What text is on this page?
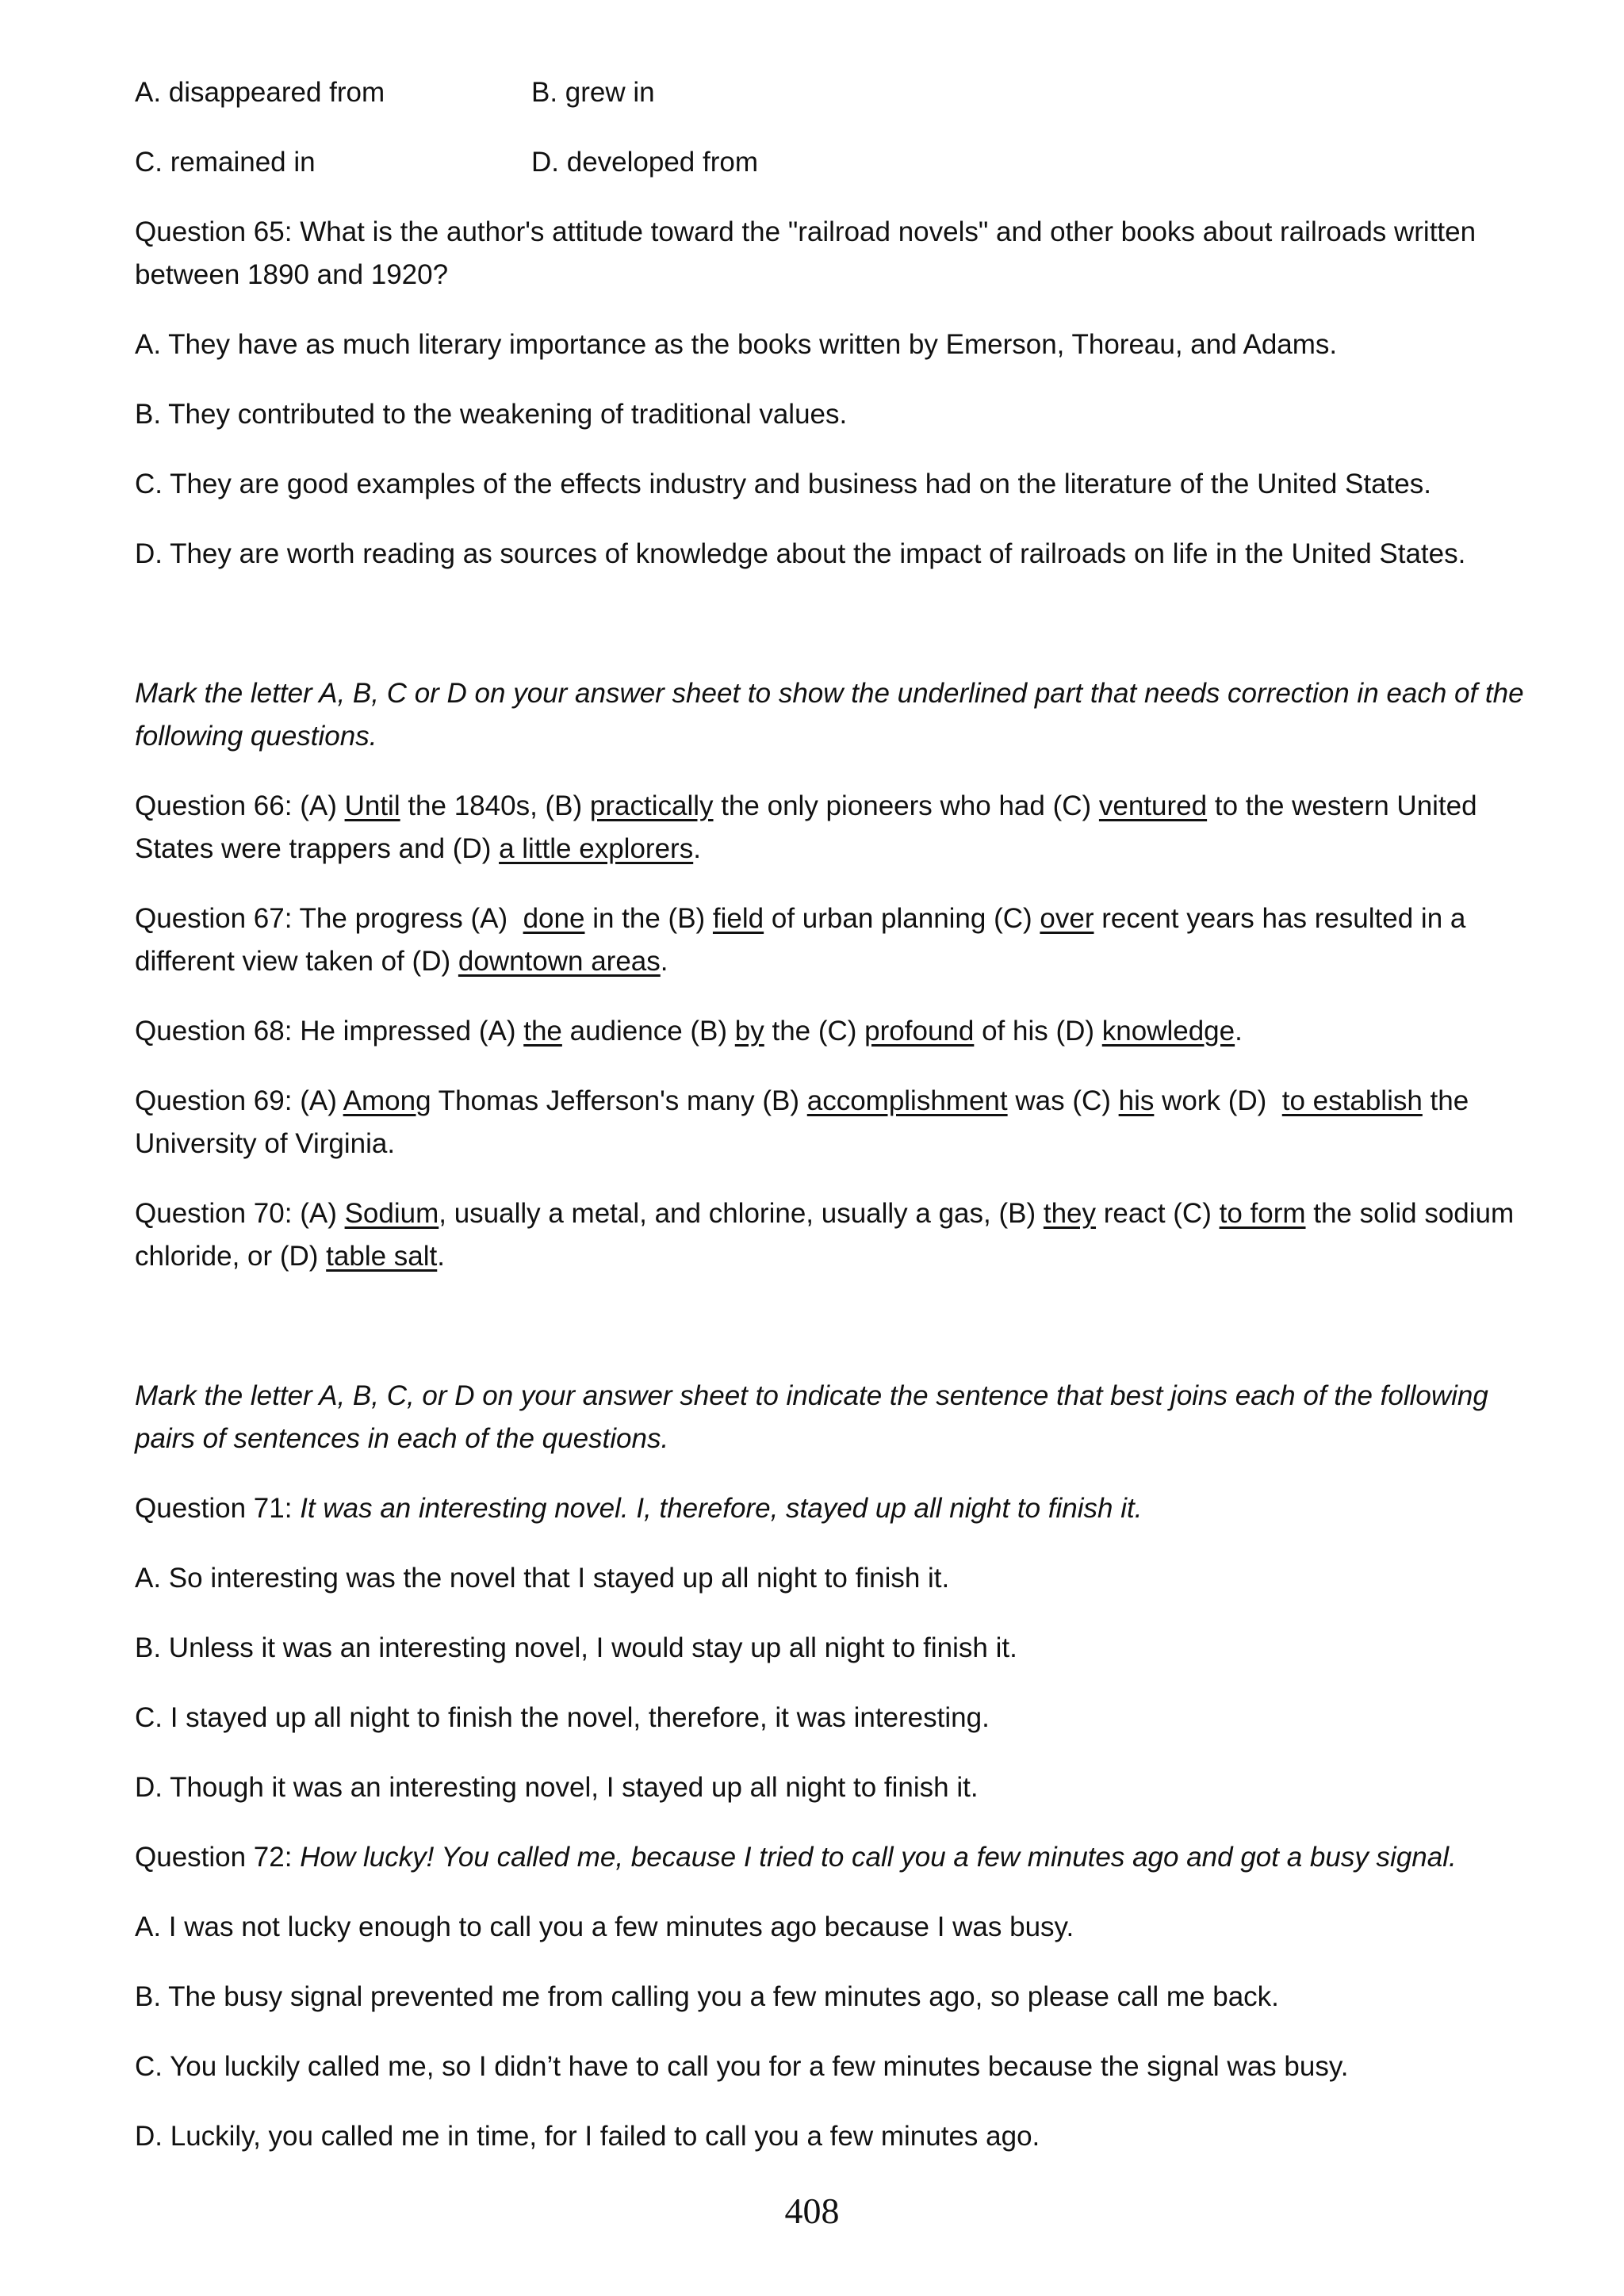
A. disappeared from	B. grew in
C. remained in	D. developed from
Question 65: What is the author's attitude toward the "railroad novels" and other books about railroads written
between 1890 and 1920?
A. They have as much literary importance as the books written by Emerson, Thoreau, and Adams.
B. They contributed to the weakening of traditional values.
C. They are good examples of the effects industry and business had on the literature of the United States.
D. They are worth reading as sources of knowledge about the impact of railroads on life in the United States.
Mark the letter A, B, C or D on your answer sheet to show the underlined part that needs correction in each of the
following questions.
Question 66: (A) Until the 1840s, (B) practically the only pioneers who had (C) ventured to the western United
States were trappers and (D) a little explorers.
Question 67: The progress (A)  done in the (B) field of urban planning (C) over recent years has resulted in a
different view taken of (D) downtown areas.
Question 68: He impressed (A) the audience (B) by the (C) profound of his (D) knowledge.
Question 69: (A) Among Thomas Jefferson's many (B) accomplishment was (C) his work (D)  to establish the
University of Virginia.
Question 70: (A) Sodium, usually a metal, and chlorine, usually a gas, (B) they react (C) to form the solid sodium
chloride, or (D) table salt.
Mark the letter A, B, C, or D on your answer sheet to indicate the sentence that best joins each of the following
pairs of sentences in each of the questions.
Question 71: It was an interesting novel. I, therefore, stayed up all night to finish it.
A. So interesting was the novel that I stayed up all night to finish it.
B. Unless it was an interesting novel, I would stay up all night to finish it.
C. I stayed up all night to finish the novel, therefore, it was interesting.
D. Though it was an interesting novel, I stayed up all night to finish it.
Question 72: How lucky! You called me, because I tried to call you a few minutes ago and got a busy signal.
A. I was not lucky enough to call you a few minutes ago because I was busy.
B. The busy signal prevented me from calling you a few minutes ago, so please call me back.
C. You luckily called me, so I didn’t have to call you for a few minutes because the signal was busy.
D. Luckily, you called me in time, for I failed to call you a few minutes ago.
408
